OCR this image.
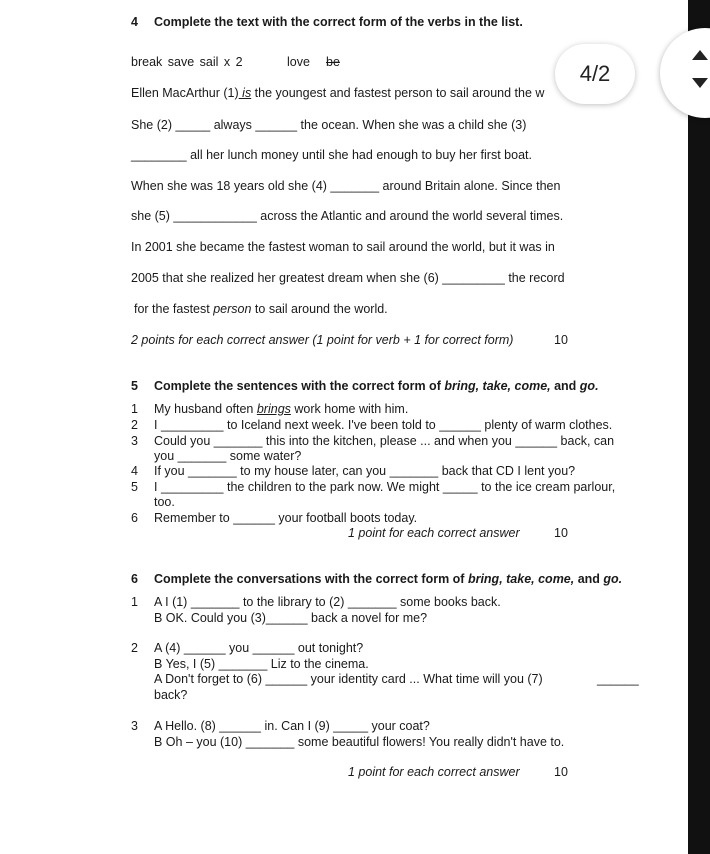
4 Complete the text with the correct form of the verbs in the list.
break save sail x 2	love be
Ellen MacArthur (1) is the youngest and fastest person to sail around the w
She (2) _____ always ______ the ocean. When she was a child she (3)
________ all her lunch money until she had enough to buy her first boat.
When she was 18 years old she (4) _______ around Britain alone. Since then
she (5) ____________ across the Atlantic and around the world several times.
In 2001 she became the fastest woman to sail around the world, but it was in
2005 that she realized her greatest dream when she (6) _________ the record
for the fastest person to sail around the world.
2 points for each correct answer (1 point for verb + 1 for correct form)	10
5 Complete the sentences with the correct form of bring, take, come, and go.
1 My husband often brings work home with him.
2 I _________ to Iceland next week. I've been told to ______ plenty of warm clothes.
3 Could you _______ this into the kitchen, please ... and when you ______ back, can
you _______ some water?
4 If you _______ to my house later, can you _______ back that CD I lent you?
5 I _________ the children to the park now. We might _____ to the ice cream parlour,
too.
6 Remember to ______ your football boots today.
1 point for each correct answer	10
6 Complete the conversations with the correct form of bring, take, come, and go.
1 A I (1) _______ to the library to (2) _______ some books back.
B OK. Could you (3)______ back a novel for me?
2 A (4) ______ you ______ out tonight?
B Yes, I (5) _______ Liz to the cinema.
A Don't forget to (6) ______ your identity card ... What time will you (7)	______
back?
3 A Hello. (8) ______ in. Can I (9) _____ your coat?
B Oh – you (10) _______ some beautiful flowers! You really didn't have to.
1 point for each correct answer	10
4/2
